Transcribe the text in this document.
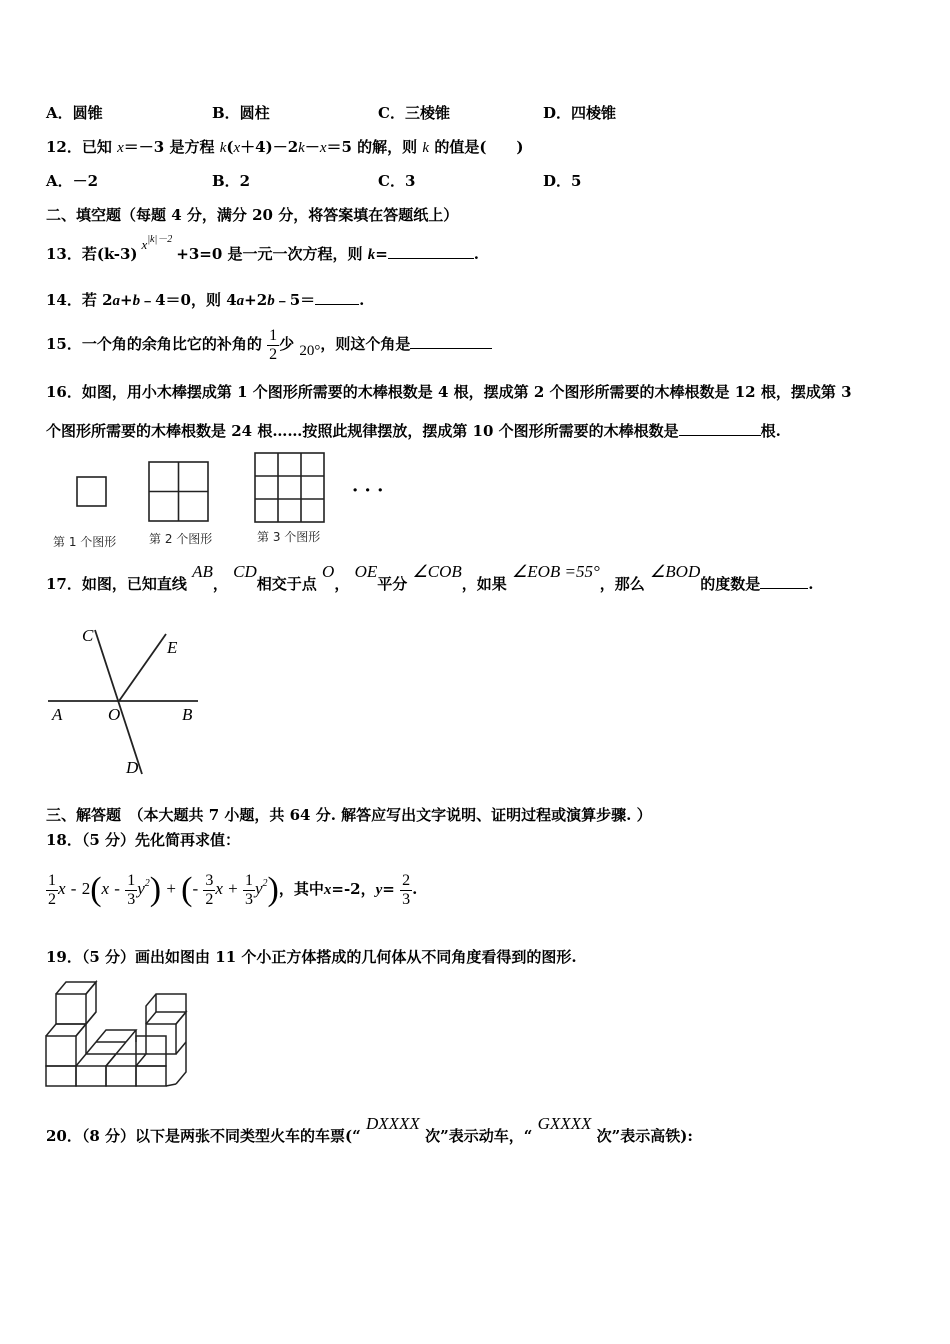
A．圆锥	B．圆柱	C．三棱锥	D．四棱锥
12．已知 x＝－3 是方程 k(x＋4)－2k－x＝5 的解，则 k 的值是(　　)
A．－2	B．2	C．3	D．5
二、填空题（每题 4 分，满分 20 分，将答案填在答题纸上）
13．若$(k-3)x^{|k|-2}+3=0$ 是一元一次方程，则 k=	.
14．若 2a+b﹣4＝0，则 4a+2b﹣5＝	.
15．一个角的余角比它的补角的 $\frac{1}{2}$ 少 20°，则这个角是
16．如图，用小木棒摆成第 1 个图形所需要的木棒根数是 4 根，摆成第 2 个图形所需要的木棒根数是 12 根，摆成第 3
个图形所需要的木棒根数是 24 根……按照此规律摆放，摆成第 10 个图形所需要的木棒根数是	根.
第 1 个图形	第 2 个图形	第 3 个图形
· · ·
17．如图，已知直线 AB， CD相交于点 O， OE平分 ∠COB，如果 ∠EOB =55°，那么 ∠BOD的度数是	.
C
E
A	O	B
D
三、解答题　（本大题共 7 小题，共 64 分. 解答应写出文字说明、证明过程或演算步骤. ）
18．（5 分）先化简再求值：
$\frac{1}{2}$ x - $2(x - \frac{1}{3} y^2)$ + (- $\frac{3}{2}$ $x + \frac{1}{3} y^2$)，其中x=-2，$y= \frac{2}{3}$ .
19．（5 分）画出如图由 11 个小正方体搭成的几何体从不同角度看得到的图形.
20．（8 分）以下是两张不同类型火车的车票(“ DXXXX 次”表示动车，“ GXXXX 次”表示高铁):
